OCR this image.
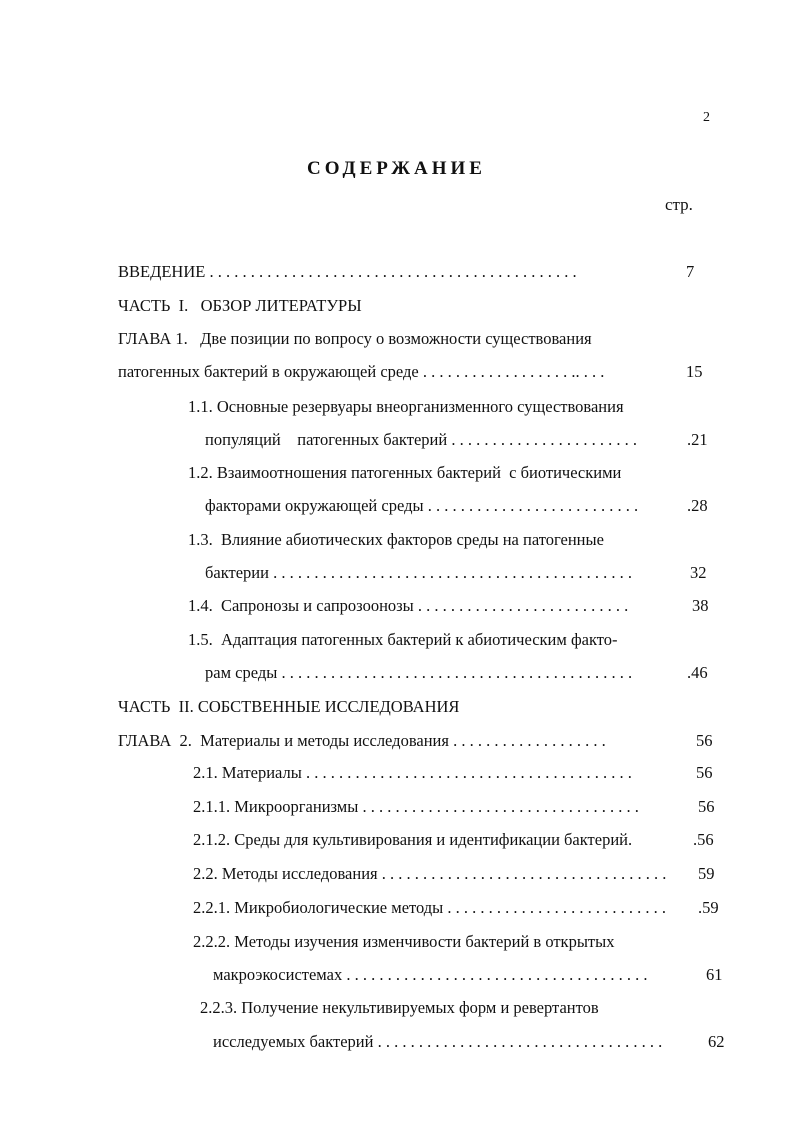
2
СОДЕРЖАНИЕ
стр.
ВВЕДЕНИЕ . . . . . . . . . . . . . . . . . . . . . . . . . . . . . . . . . . . . . . . . . . . . .	7
ЧАСТЬ  I.   ОБЗОР ЛИТЕРАТУРЫ
ГЛАВА 1.   Две позиции по вопросу о возможности существования
патогенных бактерий в окружающей среде . . . . . . . . . . . . . . . . . . .. . . .	15
1.1. Основные резервуары внеорганизменного существования
популяций    патогенных бактерий . . . . . . . . . . . . . . . . . . . . . . .	.21
1.2. Взаимоотношения патогенных бактерий  с биотическими
факторами окружающей среды . . . . . . . . . . . . . . . . . . . . . . . . . .	.28
1.3.  Влияние абиотических факторов среды на патогенные
бактерии . . . . . . . . . . . . . . . . . . . . . . . . . . . . . . . . . . . . . . . . . . . .	32
1.4.  Сапронозы и сапрозоонозы . . . . . . . . . . . . . . . . . . . . . . . . . .	38
1.5.  Адаптация патогенных бактерий к абиотическим факто-
рам среды . . . . . . . . . . . . . . . . . . . . . . . . . . . . . . . . . . . . . . . . . . .	.46
ЧАСТЬ  II. СОБСТВЕННЫЕ ИССЛЕДОВАНИЯ
ГЛАВА  2.  Материалы и методы исследования . . . . . . . . . . . . . . . . . . .	56
2.1. Материалы . . . . . . . . . . . . . . . . . . . . . . . . . . . . . . . . . . . . . . . .	56
2.1.1. Микроорганизмы . . . . . . . . . . . . . . . . . . . . . . . . . . . . . . . . . .	56
2.1.2. Среды для культивирования и идентификации бактерий.	.56
2.2. Методы исследования . . . . . . . . . . . . . . . . . . . . . . . . . . . . . . . . . . . 59
2.2.1. Микробиологические методы . . . . . . . . . . . . . . . . . . . . . . . . . . . .59
2.2.2. Методы изучения изменчивости бактерий в открытых
макроэкосистемах . . . . . . . . . . . . . . . . . . . . . . . . . . . . . . . . . . . . .	61
2.2.3. Получение некультивируемых форм и ревертантов
исследуемых бактерий . . . . . . . . . . . . . . . . . . . . . . . . . . . . . . . . . . .	62
